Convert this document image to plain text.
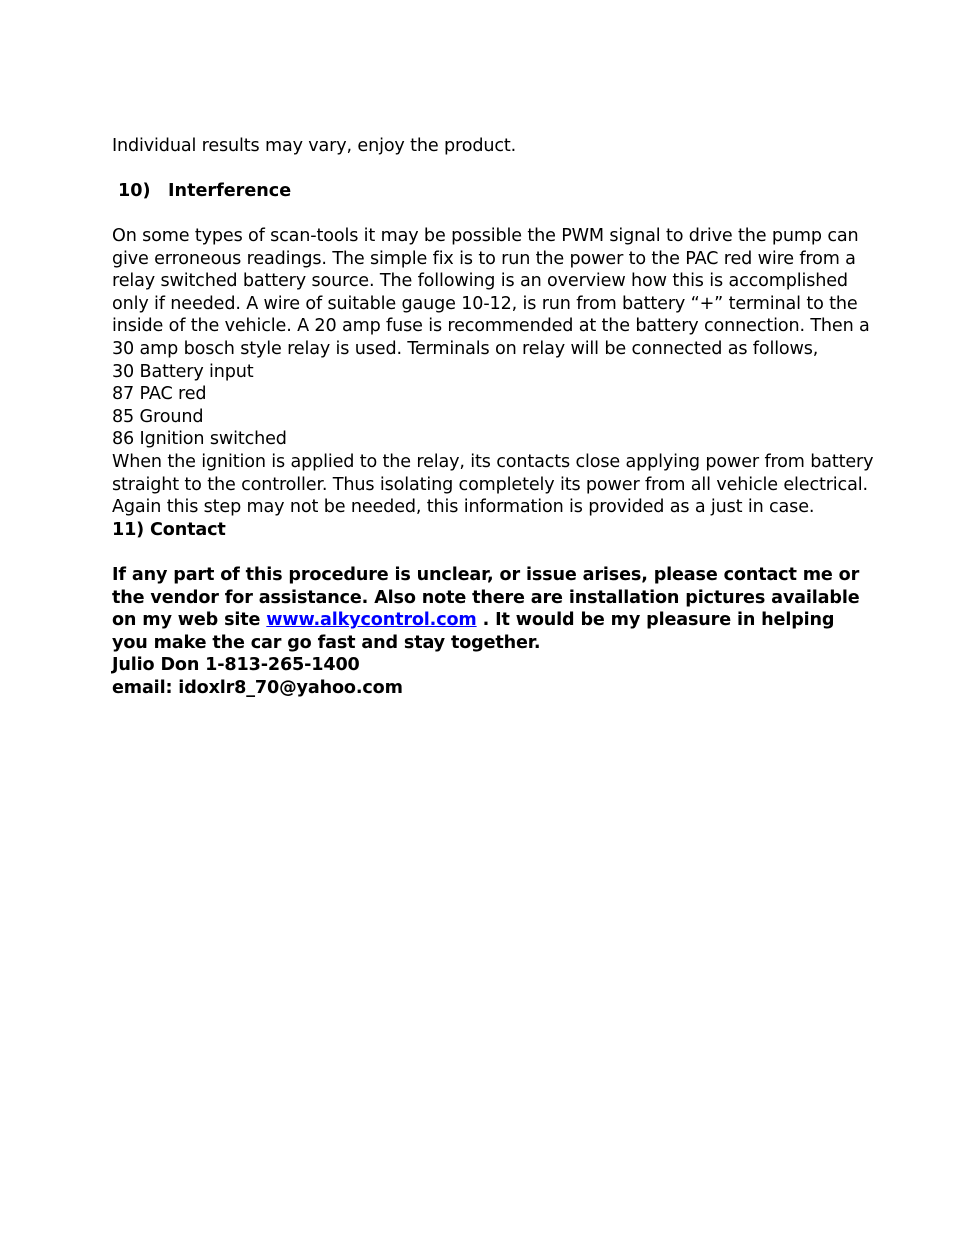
Individual results may vary, enjoy the product.
10) Interference
On some types of scan-tools it may be possible the PWM signal to drive the pump can
give erroneous readings. The simple fix is to run the power to the PAC red wire from a
relay switched battery source. The following is an overview how this is accomplished
only if needed. A wire of suitable gauge 10-12, is run from battery “+” terminal to the
inside of the vehicle. A 20 amp fuse is recommended at the battery connection. Then a
30 amp bosch style relay is used. Terminals on relay will be connected as follows,
30 Battery input
87 PAC red
85 Ground
86 Ignition switched
When the ignition is applied to the relay, its contacts close applying power from battery
straight to the controller. Thus isolating completely its power from all vehicle electrical.
Again this step may not be needed, this information is provided as a just in case.
11) Contact
If any part of this procedure is unclear, or issue arises, please contact me or
the vendor for assistance. Also note there are installation pictures available
on my web site www.alkycontrol.com . It would be my pleasure in helping
you make the car go fast and stay together.
Julio Don 1-813-265-1400
email: idoxlr8_70@yahoo.com
